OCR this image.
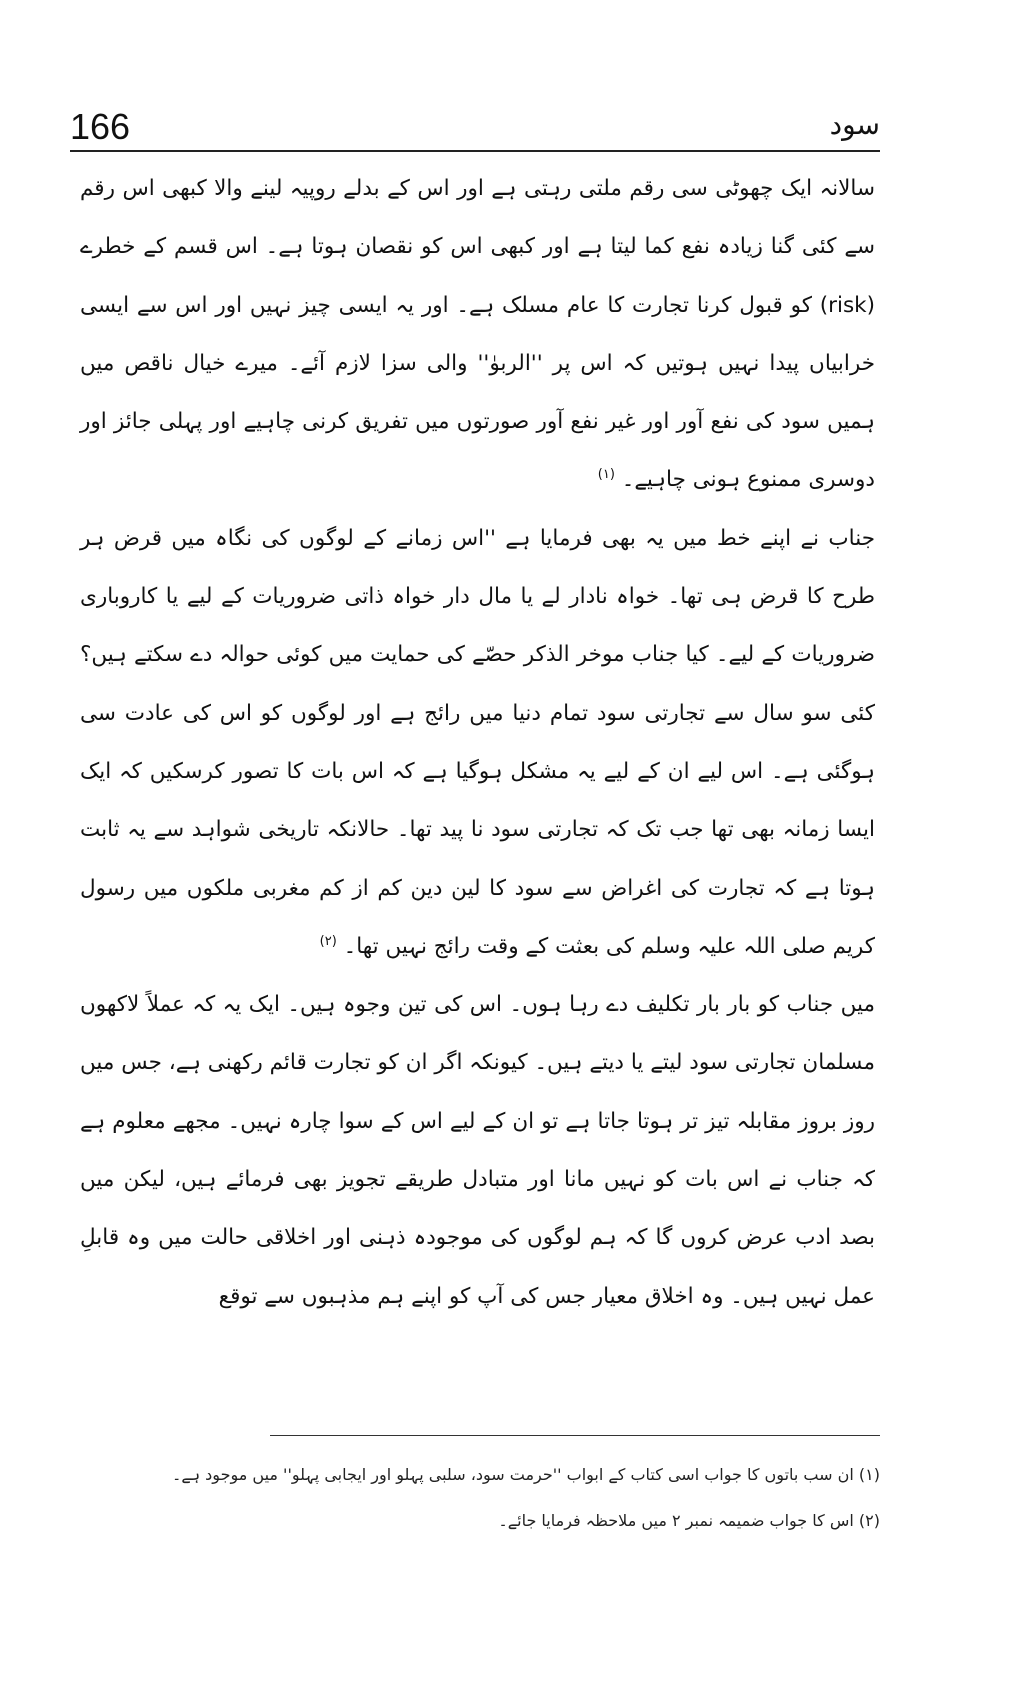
166	سود

سالانہ ایک چھوٹی سی رقم ملتی رہتی ہے اور اس کے بدلے روپیہ لینے والا کبھی اس رقم سے کئی گنا زیادہ نفع کما لیتا ہے اور کبھی اس کو نقصان ہوتا ہے۔ اس قسم کے خطرے (risk) کو قبول کرنا تجارت کا عام مسلک ہے۔ اور یہ ایسی چیز نہیں اور اس سے ایسی خرابیاں پیدا نہیں ہوتیں کہ اس پر ''الربوٰ'' والی سزا لازم آئے۔ میرے خیال ناقص میں ہمیں سود کی نفع آور اور غیر نفع آور صورتوں میں تفریق کرنی چاہیے اور پہلی جائز اور دوسری ممنوع ہونی چاہیے۔ $^{(۱)}$

جناب نے اپنے خط میں یہ بھی فرمایا ہے ''اس زمانے کے لوگوں کی نگاہ میں قرض ہر طرح کا قرض ہی تھا۔ خواہ نادار لے یا مال دار خواہ ذاتی ضروریات کے لیے یا کاروباری ضروریات کے لیے۔ کیا جناب موخر الذکر حصّے کی حمایت میں کوئی حوالہ دے سکتے ہیں؟ کئی سو سال سے تجارتی سود تمام دنیا میں رائج ہے اور لوگوں کو اس کی عادت سی ہوگئی ہے۔ اس لیے ان کے لیے یہ مشکل ہوگیا ہے کہ اس بات کا تصور کرسکیں کہ ایک ایسا زمانہ بھی تھا جب تک کہ تجارتی سود نا پید تھا۔ حالانکہ تاریخی شواہد سے یہ ثابت ہوتا ہے کہ تجارت کی اغراض سے سود کا لین دین کم از کم مغربی ملکوں میں رسول کریم صلی اللہ علیہ وسلم کی بعثت کے وقت رائج نہیں تھا۔ $^{(۲)}$

میں جناب کو بار بار تکلیف دے رہا ہوں۔ اس کی تین وجوہ ہیں۔ ایک یہ کہ عملاً لاکھوں مسلمان تجارتی سود لیتے یا دیتے ہیں۔ کیونکہ اگر ان کو تجارت قائم رکھنی ہے، جس میں روز بروز مقابلہ تیز تر ہوتا جاتا ہے تو ان کے لیے اس کے سوا چارہ نہیں۔ مجھے معلوم ہے کہ جناب نے اس بات کو نہیں مانا اور متبادل طریقے تجویز بھی فرمائے ہیں، لیکن میں بصد ادب عرض کروں گا کہ ہم لوگوں کی موجودہ ذہنی اور اخلاقی حالت میں وہ قابلِ عمل نہیں ہیں۔ وہ اخلاق معیار جس کی آپ کو اپنے ہم مذہبوں سے توقع

(۱) ان سب باتوں کا جواب اسی کتاب کے ابواب ''حرمت سود، سلبی پہلو اور ایجابی پہلو'' میں موجود ہے۔

(۲) اس کا جواب ضمیمہ نمبر ۲ میں ملاحظہ فرمایا جائے۔
